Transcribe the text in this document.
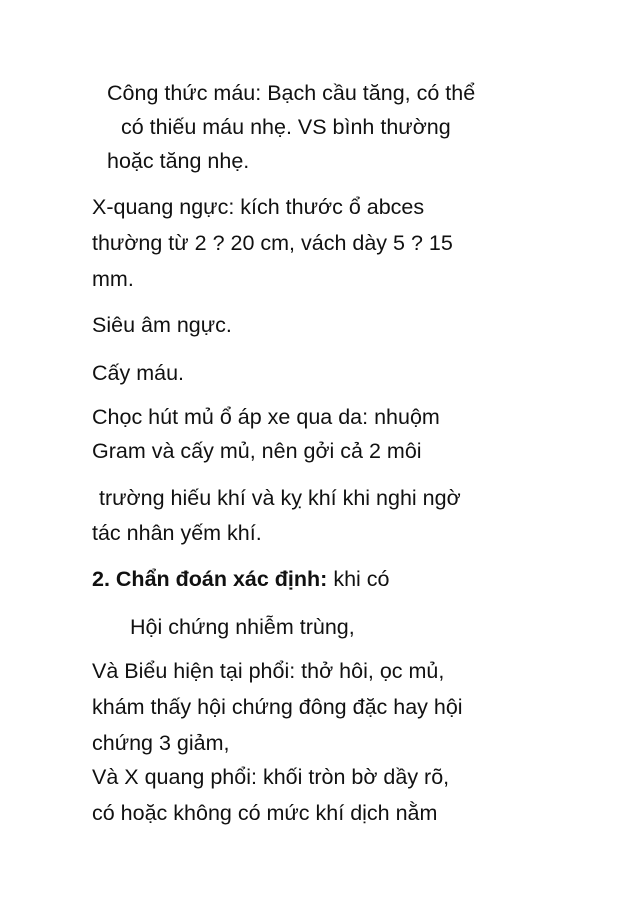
Công thức máu: Bạch cầu tăng, có thể
có thiếu máu nhẹ. VS bình thường
hoặc tăng nhẹ.
X-quang ngực: kích thước ổ abces
thường từ 2 ? 20 cm, vách dày 5 ? 15
mm.
Siêu âm ngực.
Cấy máu.
Chọc hút mủ ổ áp xe qua da: nhuộm
Gram và cấy mủ, nên gởi cả 2 môi
trường hiếu khí và kỵ khí khi nghi ngờ
tác nhân yếm khí.
2. Chẩn đoán xác định: khi có
Hội chứng nhiễm trùng,
Và Biểu hiện tại phổi: thở hôi, ọc mủ,
khám thấy hội chứng đông đặc hay hội
chứng 3 giảm,
Và X quang phổi: khối tròn bờ dầy rõ,
có hoặc không có mức khí dịch nằm
